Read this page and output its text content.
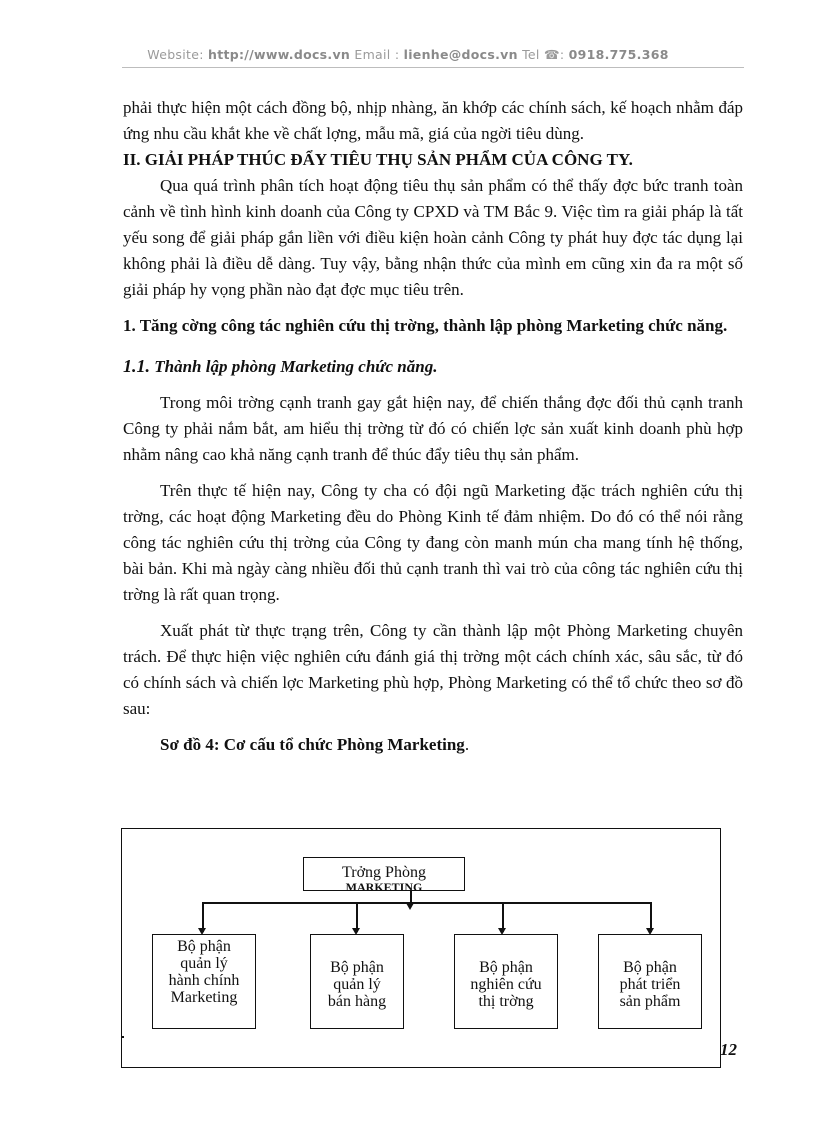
Website: http://www.docs.vn Email : lienhe@docs.vn Tel ☎: 0918.775.368

phải thực hiện một cách đồng bộ, nhịp nhàng, ăn khớp các chính sách, kế hoạch nhằm đáp ứng nhu cầu khắt khe về chất lợng, mẫu mã, giá của ngời tiêu dùng.

II. GIẢI PHÁP THÚC ĐẨY TIÊU THỤ SẢN PHẨM CỦA CÔNG TY.

Qua quá trình phân tích hoạt động tiêu thụ sản phẩm có thể thấy đợc bức tranh toàn cảnh về tình hình kinh doanh của Công ty CPXD và TM Bắc 9. Việc tìm ra giải pháp là tất yếu song để giải pháp gắn liền với điều kiện hoàn cảnh Công ty phát huy đợc tác dụng lại không phải là điều dễ dàng. Tuy vậy, bằng nhận thức của mình em cũng xin đa ra một số giải pháp hy vọng phần nào đạt đợc mục tiêu trên.

1. Tăng cờng công tác nghiên cứu thị trờng, thành lập phòng Marketing chức năng.

1.1. Thành lập phòng Marketing chức năng.

Trong môi trờng cạnh tranh gay gắt hiện nay, để chiến thắng đợc đối thủ cạnh tranh Công ty phải nắm bắt, am hiểu thị trờng từ đó có chiến lợc sản xuất kinh doanh phù hợp nhằm nâng cao khả năng cạnh tranh để thúc đẩy tiêu thụ sản phẩm.

Trên thực tế hiện nay, Công ty cha có đội ngũ Marketing đặc trách nghiên cứu thị trờng, các hoạt động Marketing đều do Phòng Kinh tế đảm nhiệm. Do đó có thể nói rằng công tác nghiên cứu thị trờng của Công ty đang còn manh mún cha mang tính hệ thống, bài bản. Khi mà ngày càng nhiều đối thủ cạnh tranh thì vai trò của công tác nghiên cứu thị trờng là rất quan trọng.

Xuất phát từ thực trạng trên, Công ty cần thành lập một Phòng Marketing chuyên trách. Để thực hiện việc nghiên cứu đánh giá thị trờng một cách chính xác, sâu sắc, từ đó có chính sách và chiến lợc Marketing phù hợp, Phòng Marketing có thể tổ chức theo sơ đồ sau:

Sơ đồ 4: Cơ cấu tổ chức Phòng Marketing.

Trởng Phòng
MARKETING
Bộ phận quản lý hành chính Marketing
Bộ phận quản lý bán hàng
Bộ phận nghiên cứu thị trờng
Bộ phận phát triển sản phẩm
12
